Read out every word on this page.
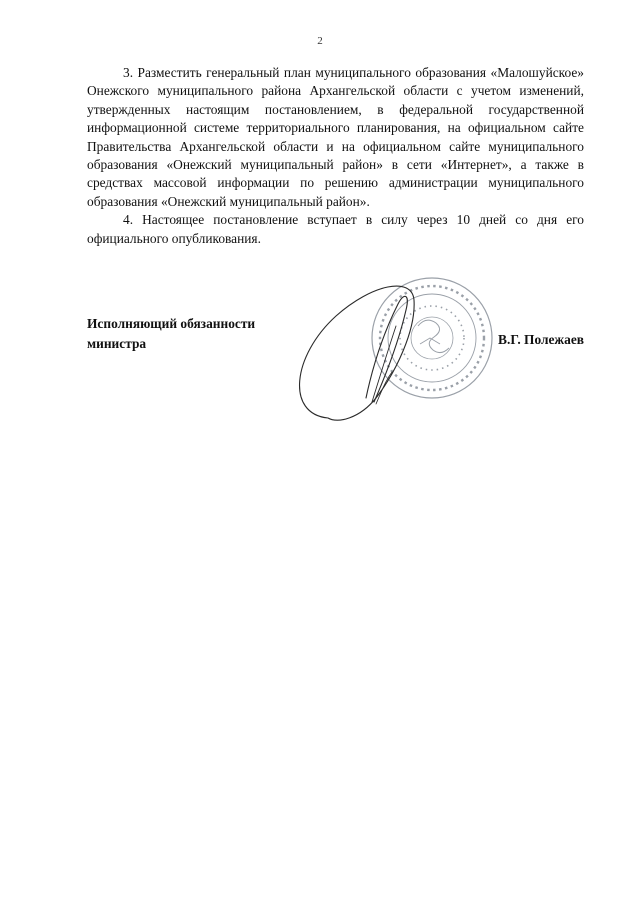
2

3. Разместить генеральный план муниципального образования «Малошуйское» Онежского муниципального района Архангельской области с учетом изменений, утвержденных настоящим постановлением, в федеральной государственной информационной системе территориального планирования, на официальном сайте Правительства Архангельской области и на официальном сайте муниципального образования «Онежский муниципальный район» в сети «Интернет», а также в средствах массовой информации по решению администрации муниципального образования «Онежский муниципальный район».

4. Настоящее постановление вступает в силу через 10 дней со дня его официального опубликования.

Исполняющий обязанности
министра	В.Г. Полежаев
